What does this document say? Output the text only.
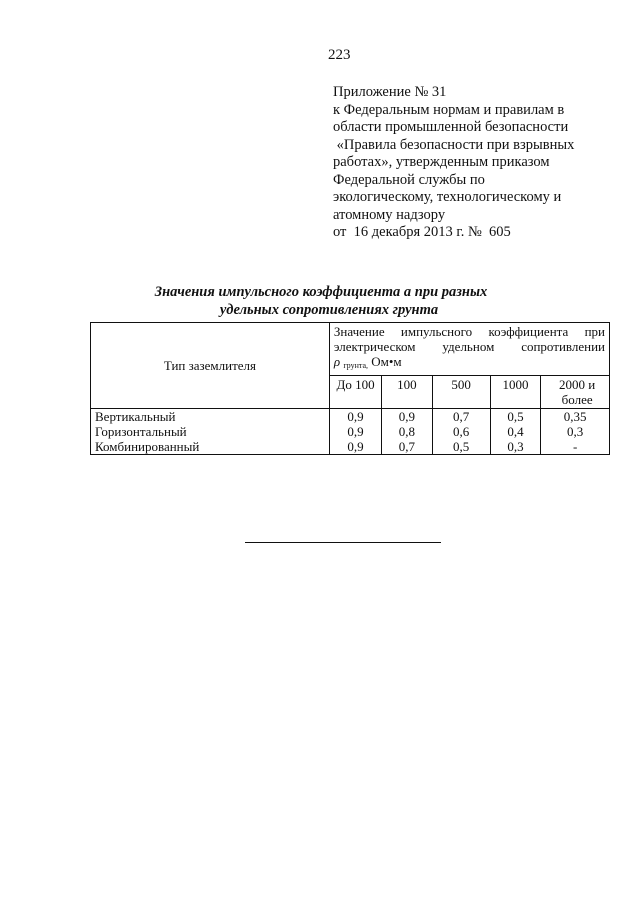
223
Приложение № 31
к Федеральным нормам и правилам в
области промышленной безопасности
«Правила безопасности при взрывных
работах», утвержденным приказом
Федеральной службы по
экологическому, технологическому и
атомному надзору
от  16 декабря 2013 г. №  605
Значения импульсного коэффициента а при разных
удельных сопротивлениях грунта
Тип заземлителя	Значение импульсного коэффициента при
электрическом удельном сопротивлении
ρ $_{грунта,}$ Ом•м				

	До 100	100	500	1000	2000 и более
Вертикальный	0,9	0,9	0,7	0,5	0,35
Горизонтальный	0,9	0,8	0,6	0,4	0,3
Комбинированный	0,9	0,7	0,5	0,3	-
